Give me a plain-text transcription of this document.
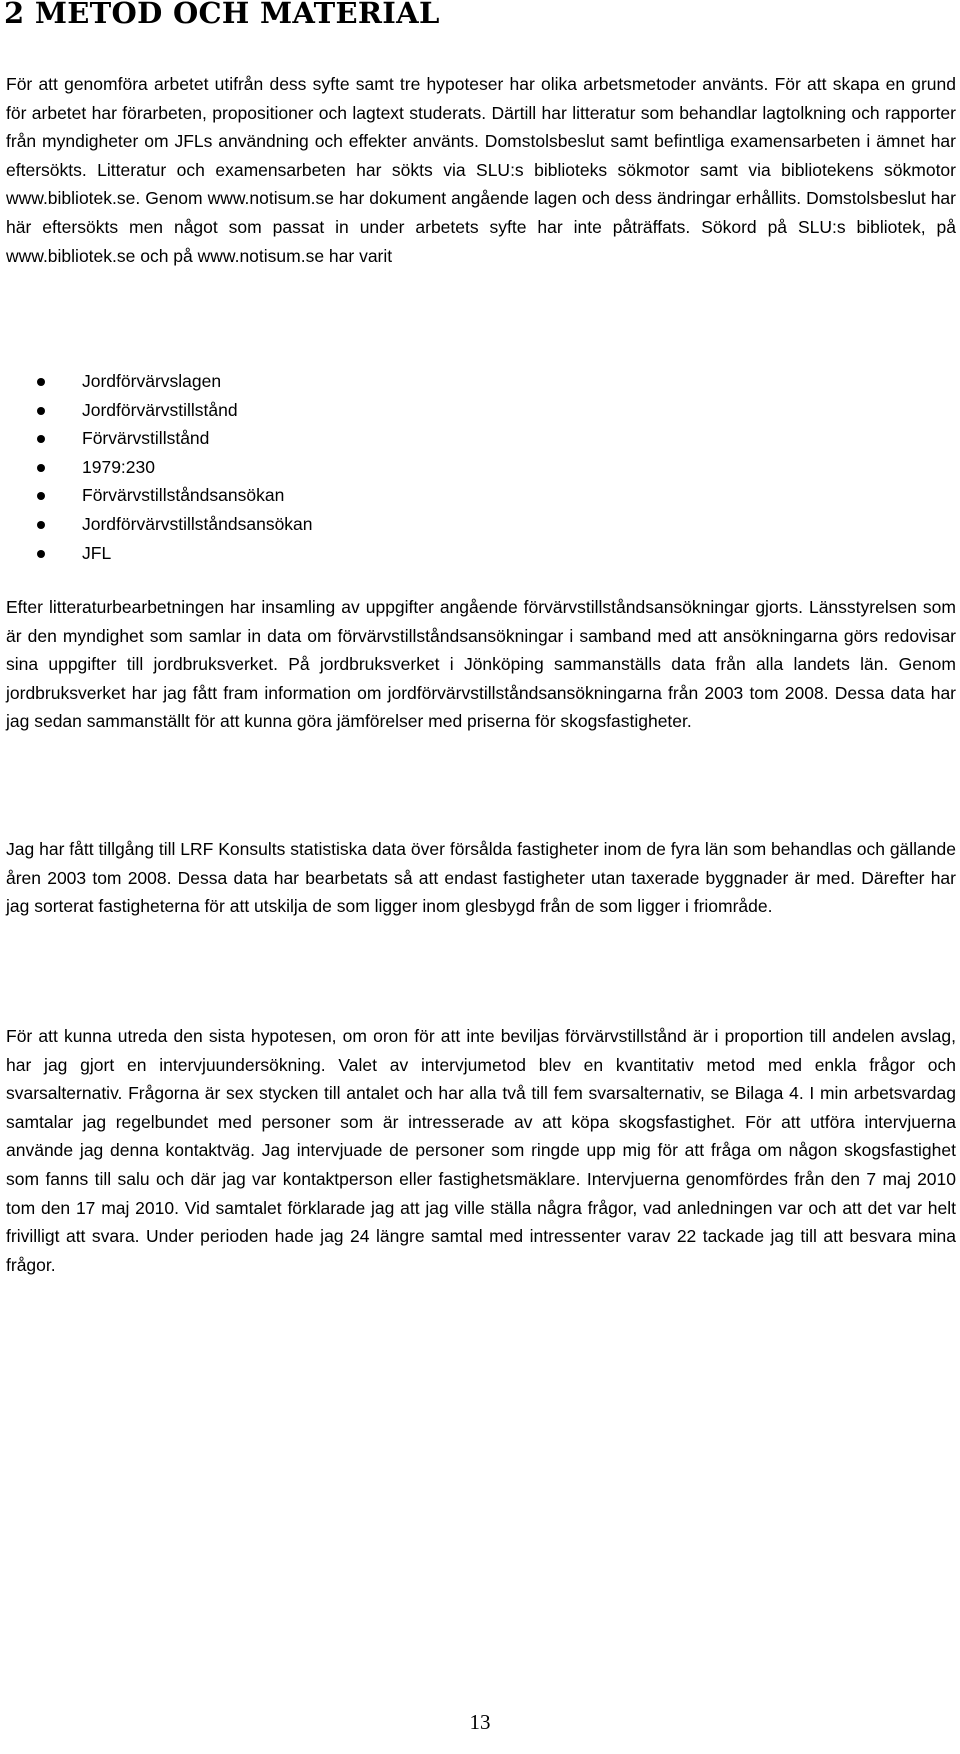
2 METOD OCH MATERIAL

För att genomföra arbetet utifrån dess syfte samt tre hypoteser har olika arbetsmetoder använts. För att skapa en grund för arbetet har förarbeten, propositioner och lagtext studerats. Därtill har litteratur som behandlar lagtolkning och rapporter från myndigheter om JFLs användning och effekter använts. Domstolsbeslut samt befintliga examensarbeten i ämnet har eftersökts. Litteratur och examensarbeten har sökts via SLU:s biblioteks sökmotor samt via bibliotekens sökmotor www.bibliotek.se. Genom www.notisum.se har dokument angående lagen och dess ändringar erhållits. Domstolsbeslut har här eftersökts men något som passat in under arbetets syfte har inte påträffats. Sökord på SLU:s bibliotek, på www.bibliotek.se och på www.notisum.se har varit

Jordförvärvslagen
Jordförvärvstillstånd
Förvärvstillstånd
1979:230
Förvärvstillståndsansökan
Jordförvärvstillståndsansökan
JFL

Efter litteraturbearbetningen har insamling av uppgifter angående förvärvstillståndsansökningar gjorts. Länsstyrelsen som är den myndighet som samlar in data om förvärvstillståndsansökningar i samband med att ansökningarna görs redovisar sina uppgifter till jordbruksverket. På jordbruksverket i Jönköping sammanställs data från alla landets län. Genom jordbruksverket har jag fått fram information om jordförvärvstillståndsansökningarna från 2003 tom 2008. Dessa data har jag sedan sammanställt för att kunna göra jämförelser med priserna för skogsfastigheter.

Jag har fått tillgång till LRF Konsults statistiska data över försålda fastigheter inom de fyra län som behandlas och gällande åren 2003 tom 2008. Dessa data har bearbetats så att endast fastigheter utan taxerade byggnader är med. Därefter har jag sorterat fastigheterna för att utskilja de som ligger inom glesbygd från de som ligger i friområde.

För att kunna utreda den sista hypotesen, om oron för att inte beviljas förvärvstillstånd är i proportion till andelen avslag, har jag gjort en intervjuundersökning. Valet av intervjumetod blev en kvantitativ metod med enkla frågor och svarsalternativ. Frågorna är sex stycken till antalet och har alla två till fem svarsalternativ, se Bilaga 4. I min arbetsvardag samtalar jag regelbundet med personer som är intresserade av att köpa skogsfastighet. För att utföra intervjuerna använde jag denna kontaktväg. Jag intervjuade de personer som ringde upp mig för att fråga om någon skogsfastighet som fanns till salu och där jag var kontaktperson eller fastighetsmäklare. Intervjuerna genomfördes från den 7 maj 2010 tom den 17 maj 2010. Vid samtalet förklarade jag att jag ville ställa några frågor, vad anledningen var och att det var helt frivilligt att svara. Under perioden hade jag 24 längre samtal med intressenter varav 22 tackade jag till att besvara mina frågor.

13
